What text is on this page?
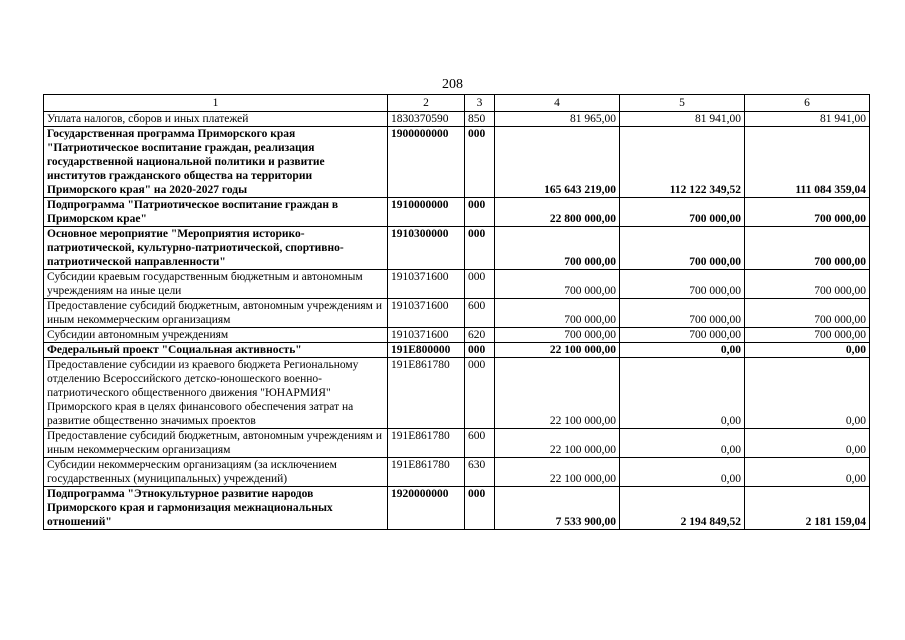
208
1	2	3	4	5	6
Уплата налогов, сборов и иных платежей	1830370590	850	81 965,00	81 941,00	81 941,00
Государственная программа Приморского края "Патриотическое воспитание граждан, реализация государственной национальной политики и развитие институтов гражданского общества на территории Приморского края" на 2020-2027 годы	1900000000	000	165 643 219,00	112 122 349,52	111 084 359,04
Подпрограмма "Патриотическое воспитание граждан в Приморском крае"	1910000000	000	22 800 000,00	700 000,00	700 000,00
Основное мероприятие "Мероприятия историко-патриотической, культурно-патриотической, спортивно-патриотической направленности"	1910300000	000	700 000,00	700 000,00	700 000,00
Субсидии краевым государственным бюджетным и автономным учреждениям на иные цели	1910371600	000	700 000,00	700 000,00	700 000,00
Предоставление субсидий бюджетным, автономным учреждениям и иным некоммерческим организациям	1910371600	600	700 000,00	700 000,00	700 000,00
Субсидии автономным учреждениям	1910371600	620	700 000,00	700 000,00	700 000,00
Федеральный проект "Социальная активность"	191E800000	000	22 100 000,00	0,00	0,00
Предоставление субсидии из краевого бюджета Региональному отделению Всероссийского детско-юношеского военно-патриотического общественного движения "ЮНАРМИЯ" Приморского края в целях финансового обеспечения затрат на развитие общественно значимых проектов	191E861780	000	22 100 000,00	0,00	0,00
Предоставление субсидий бюджетным, автономным учреждениям и иным некоммерческим организациям	191E861780	600	22 100 000,00	0,00	0,00
Субсидии некоммерческим организациям (за исключением государственных (муниципальных) учреждений)	191E861780	630	22 100 000,00	0,00	0,00
Подпрограмма "Этнокультурное развитие народов Приморского края и гармонизация межнациональных отношений"	1920000000	000	7 533 900,00	2 194 849,52	2 181 159,04
